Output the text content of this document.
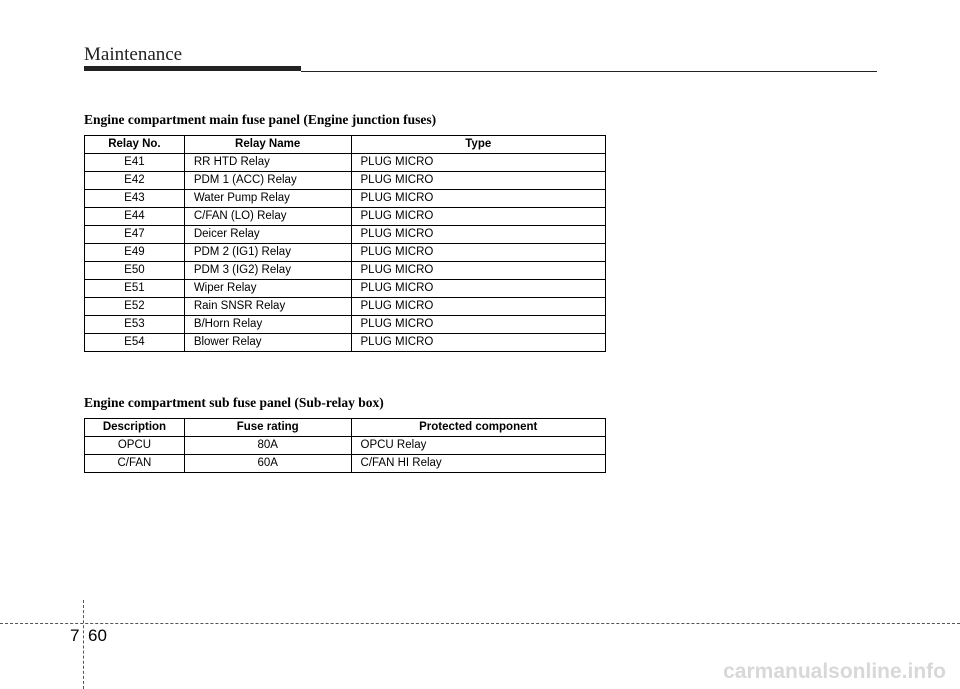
Maintenance
Engine compartment main fuse panel (Engine junction fuses)
Relay No.	Relay Name	Type
E41	RR HTD Relay	PLUG MICRO
E42	PDM 1 (ACC) Relay	PLUG MICRO
E43	Water Pump Relay	PLUG MICRO
E44	C/FAN (LO) Relay	PLUG MICRO
E47	Deicer Relay	PLUG MICRO
E49	PDM 2 (IG1) Relay	PLUG MICRO
E50	PDM 3 (IG2) Relay	PLUG MICRO
E51	Wiper Relay	PLUG MICRO
E52	Rain SNSR Relay	PLUG MICRO
E53	B/Horn Relay	PLUG MICRO
E54	Blower Relay	PLUG MICRO
Engine compartment sub fuse panel (Sub-relay box)
Description	Fuse rating	Protected component
OPCU	80A	OPCU Relay
C/FAN	60A	C/FAN HI Relay
7 60
carmanualsonline.info
